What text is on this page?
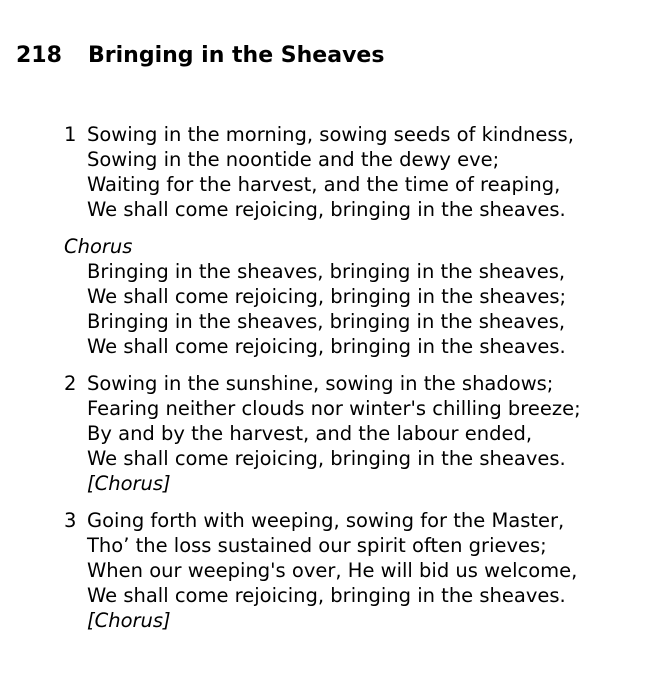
218 Bringing in the Sheaves
1 Sowing in the morning, sowing seeds of kindness,
Sowing in the noontide and the dewy eve;
Waiting for the harvest, and the time of reaping,
We shall come rejoicing, bringing in the sheaves.
Chorus
Bringing in the sheaves, bringing in the sheaves,
We shall come rejoicing, bringing in the sheaves;
Bringing in the sheaves, bringing in the sheaves,
We shall come rejoicing, bringing in the sheaves.
2 Sowing in the sunshine, sowing in the shadows;
Fearing neither clouds nor winter's chilling breeze;
By and by the harvest, and the labour ended,
We shall come rejoicing, bringing in the sheaves.
[Chorus]
3 Going forth with weeping, sowing for the Master,
Tho’ the loss sustained our spirit often grieves;
When our weeping's over, He will bid us welcome,
We shall come rejoicing, bringing in the sheaves.
[Chorus]
